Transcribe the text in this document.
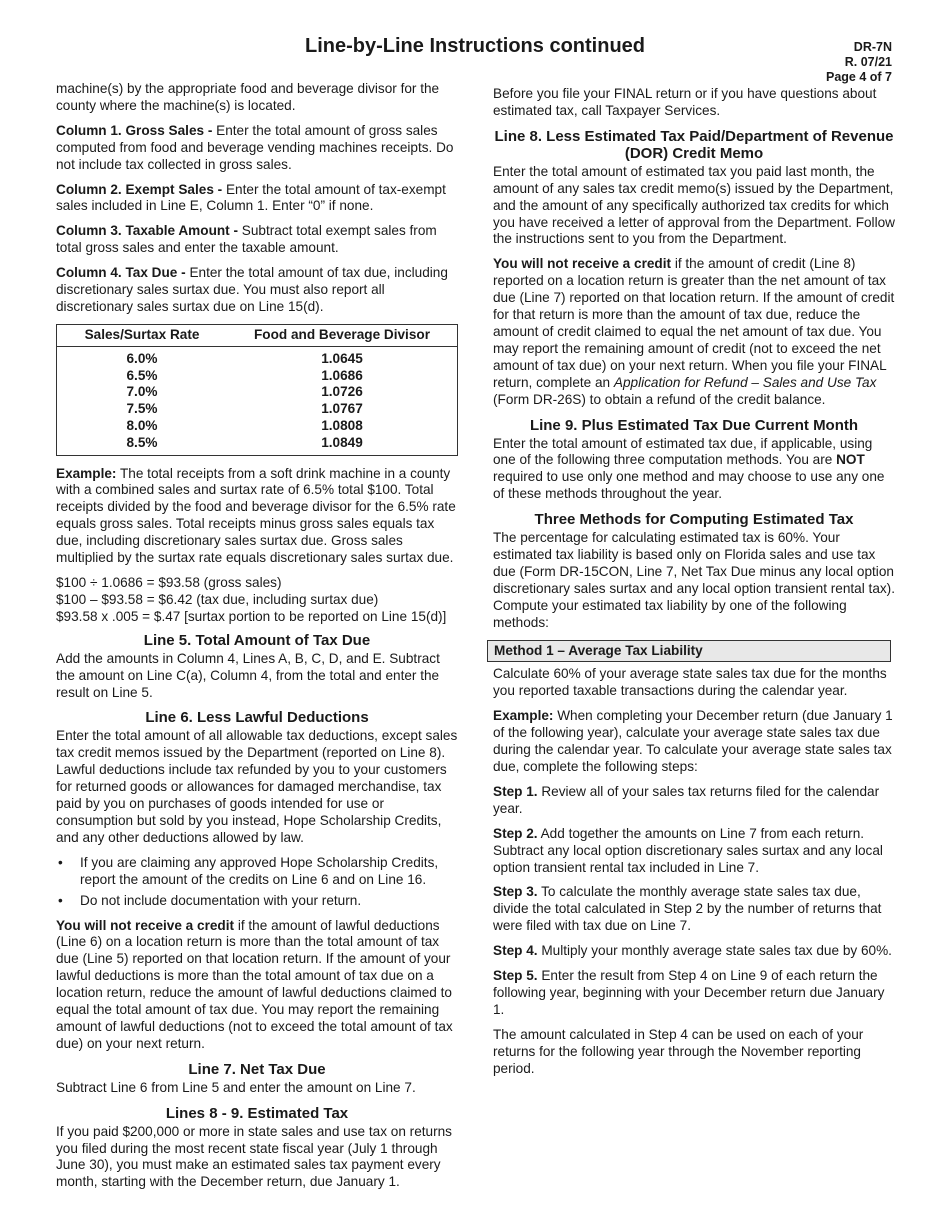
Line-by-Line Instructions continued	DR-7N
R. 07/21
Page 4 of 7

machine(s) by the appropriate food and beverage divisor for the county where the machine(s) is located.

Column 1. Gross Sales - Enter the total amount of gross sales computed from food and beverage vending machines receipts. Do not include tax collected in gross sales.

Column 2. Exempt Sales - Enter the total amount of tax-exempt sales included in Line E, Column 1. Enter “0” if none.

Column 3. Taxable Amount - Subtract total exempt sales from total gross sales and enter the taxable amount.

Column 4. Tax Due - Enter the total amount of tax due, including discretionary sales surtax due. You must also report all discretionary sales surtax due on Line 15(d).

Sales/Surtax Rate	Food and Beverage Divisor
6.0%	1.0645
6.5%	1.0686
7.0%	1.0726
7.5%	1.0767
8.0%	1.0808
8.5%	1.0849

Example: The total receipts from a soft drink machine in a county with a combined sales and surtax rate of 6.5% total $100. Total receipts divided by the food and beverage divisor for the 6.5% rate equals gross sales. Total receipts minus gross sales equals tax due, including discretionary sales surtax due. Gross sales multiplied by the surtax rate equals discretionary sales surtax due.

$100 ÷ 1.0686 = $93.58 (gross sales)

$100 – $93.58 = $6.42 (tax due, including surtax due)

$93.58 x .005 = $.47 [surtax portion to be reported on Line 15(d)]

Line 5. Total Amount of Tax Due

Add the amounts in Column 4, Lines A, B, C, D, and E. Subtract the amount on Line C(a), Column 4, from the total and enter the result on Line 5.

Line 6. Less Lawful Deductions

Enter the total amount of all allowable tax deductions, except sales tax credit memos issued by the Department (reported on Line 8). Lawful deductions include tax refunded by you to your customers for returned goods or allowances for damaged merchandise, tax paid by you on purchases of goods intended for use or consumption but sold by you instead, Hope Scholarship Credits, and any other deductions allowed by law.

• If you are claiming any approved Hope Scholarship Credits, report the amount of the credits on Line 6 and on Line 16.
• Do not include documentation with your return.

You will not receive a credit if the amount of lawful deductions (Line 6) on a location return is more than the total amount of tax due (Line 5) reported on that location return. If the amount of your lawful deductions is more than the total amount of tax due on a location return, reduce the amount of lawful deductions claimed to equal the total amount of tax due. You may report the remaining amount of lawful deductions (not to exceed the total amount of tax due) on your next return.

Line 7. Net Tax Due

Subtract Line 6 from Line 5 and enter the amount on Line 7.

Lines 8 - 9. Estimated Tax

If you paid $200,000 or more in state sales and use tax on returns you filed during the most recent state fiscal year (July 1 through June 30), you must make an estimated sales tax payment every month, starting with the December return, due January 1.

Before you file your FINAL return or if you have questions about estimated tax, call Taxpayer Services.

Line 8. Less Estimated Tax Paid/Department of Revenue (DOR) Credit Memo

Enter the total amount of estimated tax you paid last month, the amount of any sales tax credit memo(s) issued by the Department, and the amount of any specifically authorized tax credits for which you have received a letter of approval from the Department. Follow the instructions sent to you from the Department.

You will not receive a credit if the amount of credit (Line 8) reported on a location return is greater than the net amount of tax due (Line 7) reported on that location return. If the amount of credit for that return is more than the amount of tax due, reduce the amount of credit claimed to equal the net amount of tax due. You may report the remaining amount of credit (not to exceed the net amount of tax due) on your next return. When you file your FINAL return, complete an Application for Refund – Sales and Use Tax (Form DR-26S) to obtain a refund of the credit balance.

Line 9. Plus Estimated Tax Due Current Month

Enter the total amount of estimated tax due, if applicable, using one of the following three computation methods. You are NOT required to use only one method and may choose to use any one of these methods throughout the year.

Three Methods for Computing Estimated Tax

The percentage for calculating estimated tax is 60%. Your estimated tax liability is based only on Florida sales and use tax due (Form DR-15CON, Line 7, Net Tax Due minus any local option discretionary sales surtax and any local option transient rental tax). Compute your estimated tax liability by one of the following methods:

Method 1 – Average Tax Liability

Calculate 60% of your average state sales tax due for the months you reported taxable transactions during the calendar year.

Example: When completing your December return (due January 1 of the following year), calculate your average state sales tax due during the calendar year. To calculate your average state sales tax due, complete the following steps:

Step 1. Review all of your sales tax returns filed for the calendar year.

Step 2. Add together the amounts on Line 7 from each return. Subtract any local option discretionary sales surtax and any local option transient rental tax included in Line 7.

Step 3. To calculate the monthly average state sales tax due, divide the total calculated in Step 2 by the number of returns that were filed with tax due on Line 7.

Step 4. Multiply your monthly average state sales tax due by 60%.

Step 5. Enter the result from Step 4 on Line 9 of each return the following year, beginning with your December return due January 1.

The amount calculated in Step 4 can be used on each of your returns for the following year through the November reporting period.
